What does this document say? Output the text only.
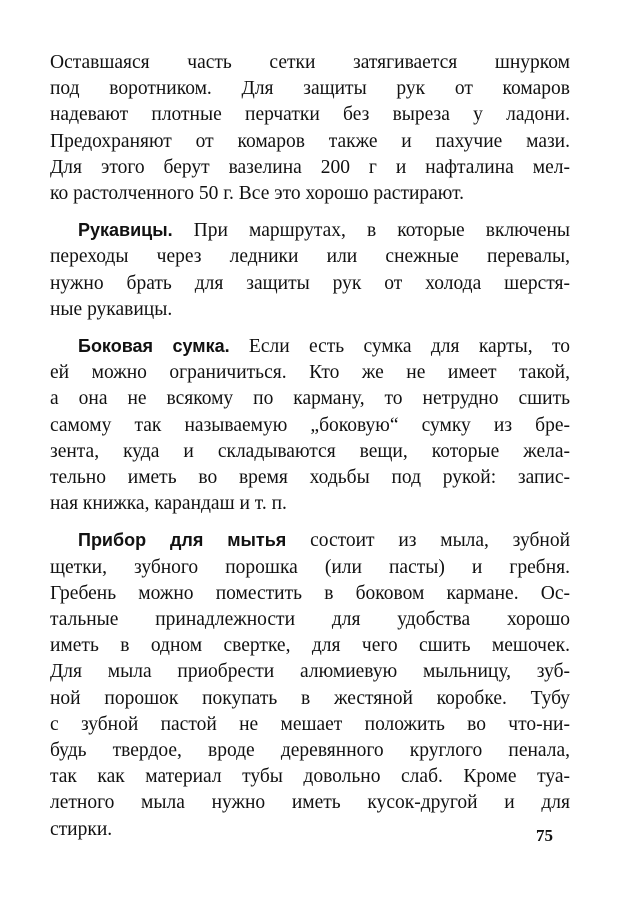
Оставшаяся часть сетки затягивается шнурком
под воротником. Для защиты рук от комаров
надевают плотные перчатки без выреза у ладони.
Предохраняют от комаров также и пахучие мази.
Для этого берут вазелина 200 г и нафталина мел-
ко растолченного 50 г. Все это хорошо растирают.
Рукавицы. При маршрутах, в которые включены
переходы через ледники или снежные перевалы,
нужно брать для защиты рук от холода шерстя-
ные рукавицы.
Боковая сумка. Если есть сумка для карты, то
ей можно ограничиться. Кто же не имеет такой,
а она не всякому по карману, то нетрудно сшить
самому так называемую „боковую“ сумку из бре-
зента, куда и складываются вещи, которые жела-
тельно иметь во время ходьбы под рукой: запис-
ная книжка, карандаш и т. п.
Прибор для мытья состоит из мыла, зубной
щетки, зубного порошка (или пасты) и гребня.
Гребень можно поместить в боковом кармане. Ос-
тальные принадлежности для удобства хорошо
иметь в одном свертке, для чего сшить мешочек.
Для мыла приобрести алюмиевую мыльницу, зуб-
ной порошок покупать в жестяной коробке. Тубу
с зубной пастой не мешает положить во что-ни-
будь твердое, вроде деревянного круглого пенала,
так как материал тубы довольно слаб. Кроме туа-
летного мыла нужно иметь кусок-другой и для
стирки.	75
